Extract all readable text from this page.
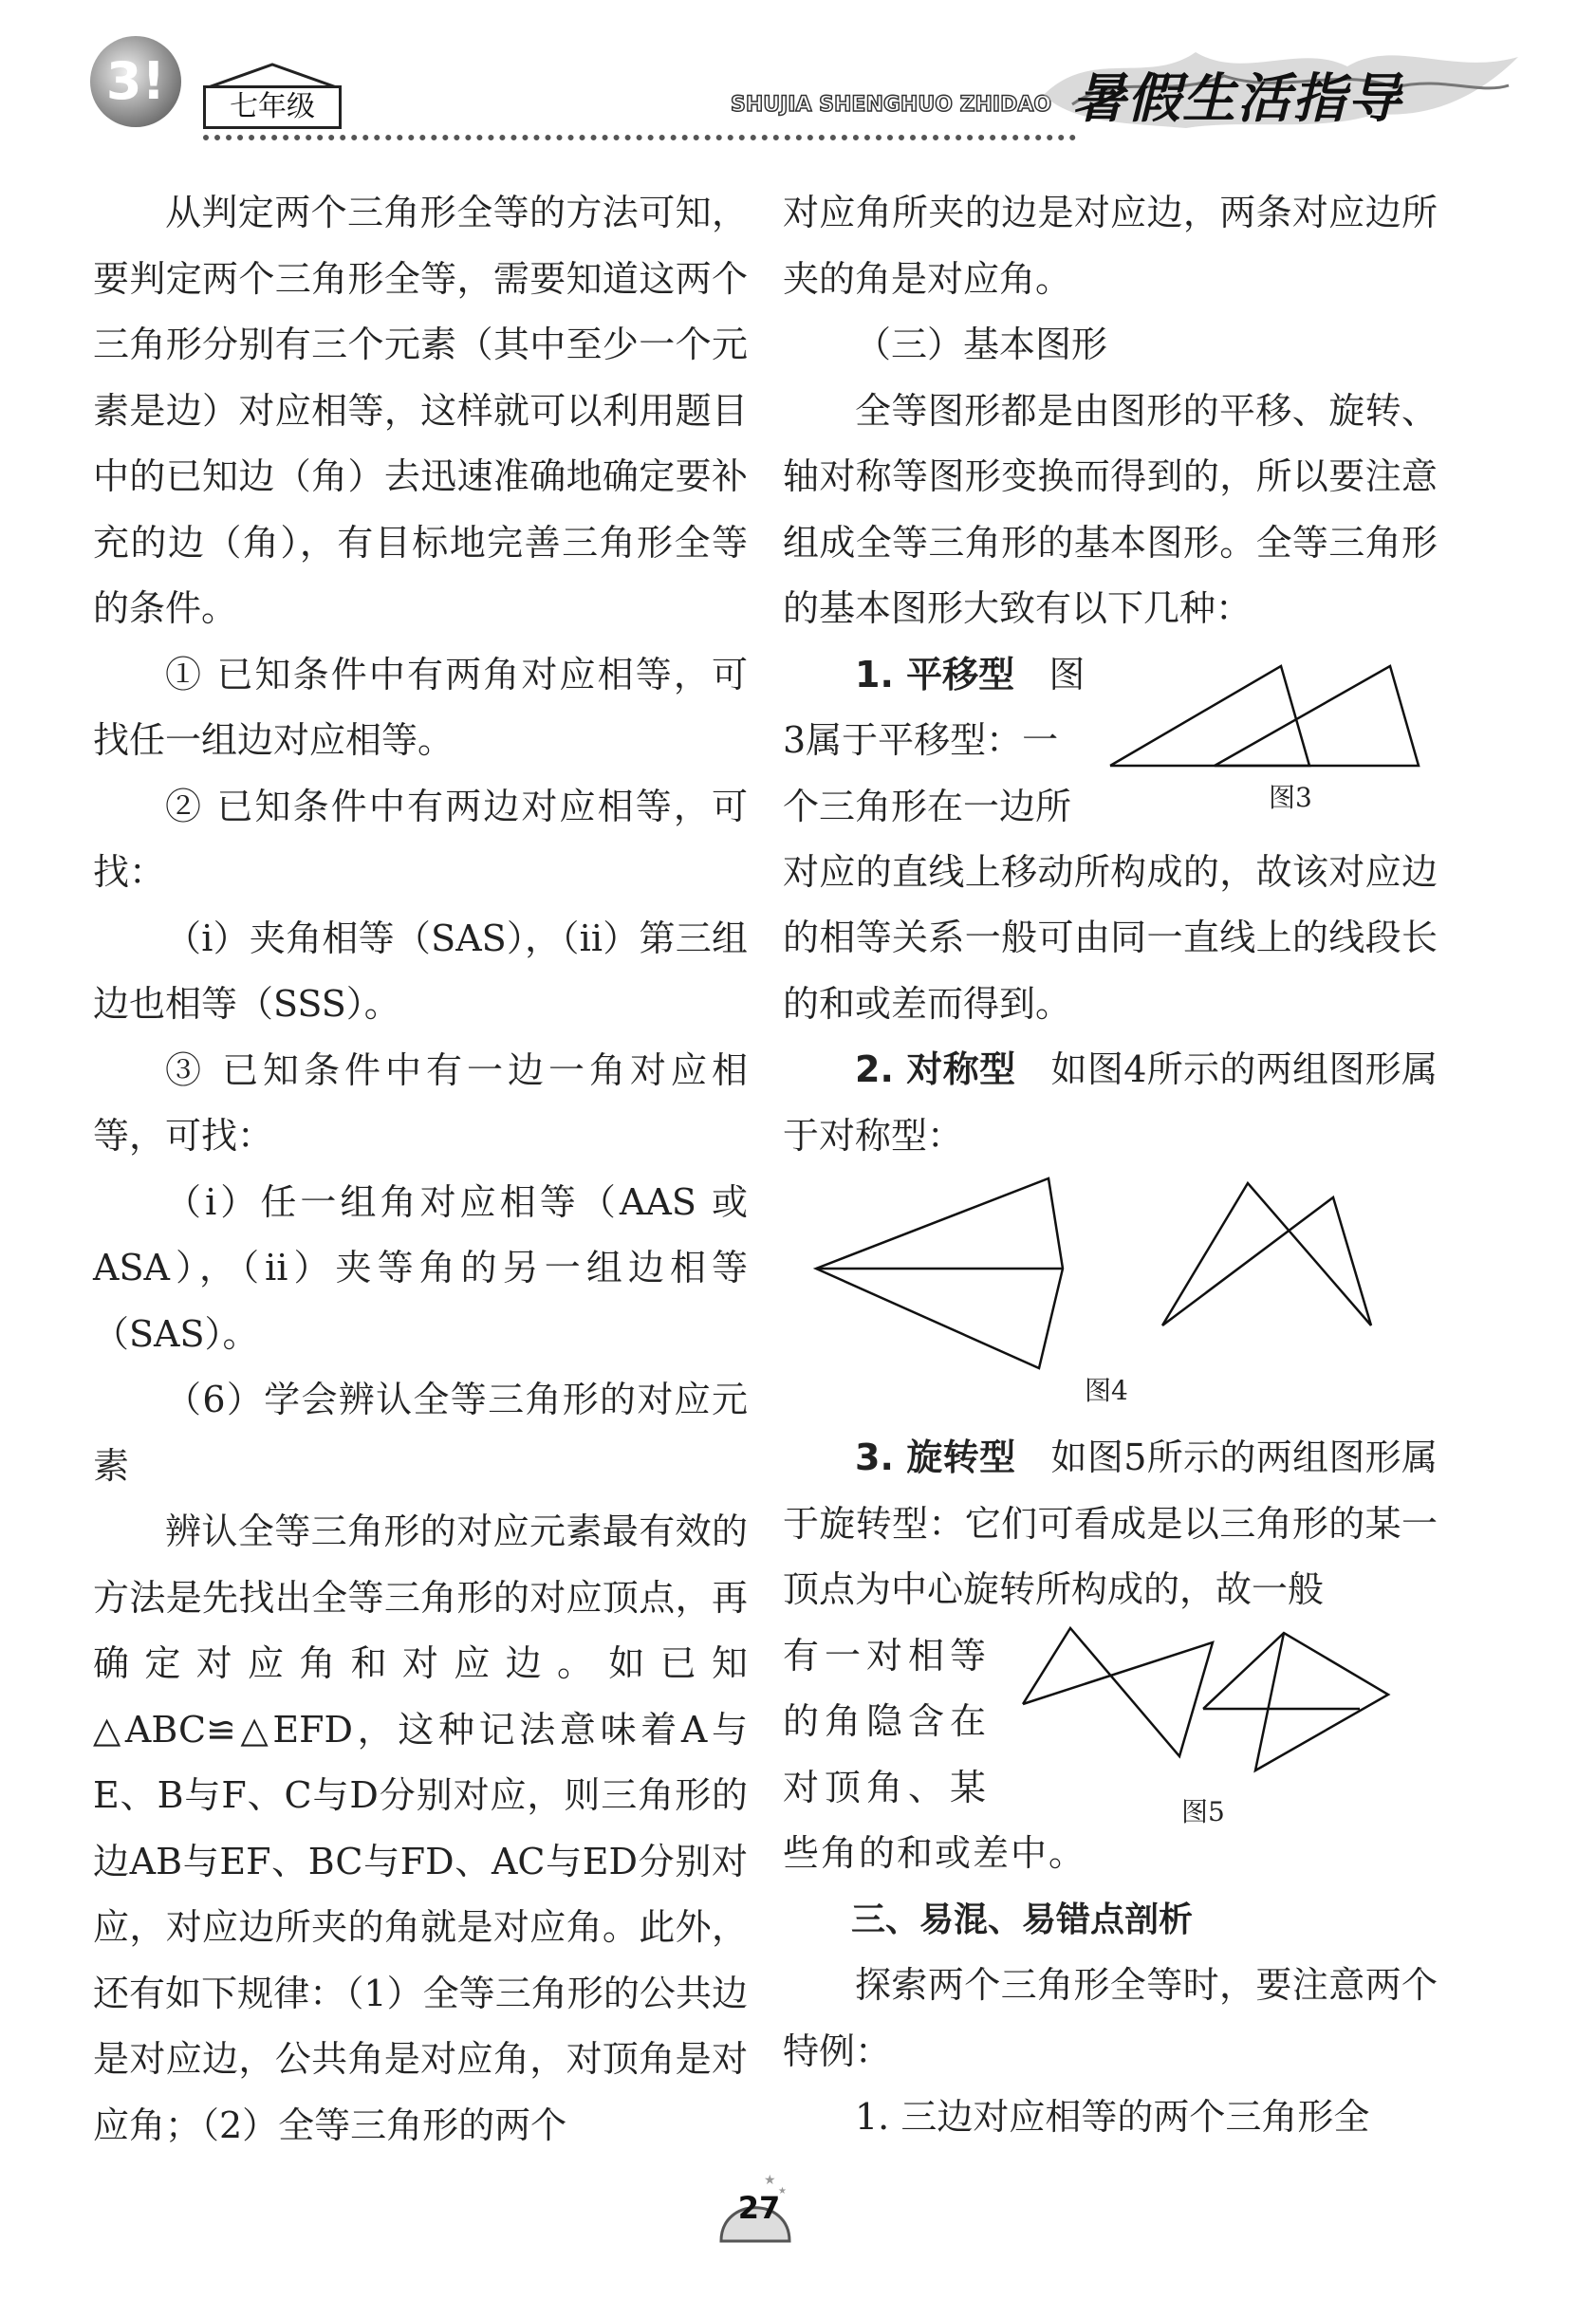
3!	七年级	SHUJIA SHENGHUO ZHIDAO 暑假生活指导

从判定两个三角形全等的方法可知，要判定两个三角形全等，需要知道这两个三角形分别有三个元素（其中至少一个元素是边）对应相等，这样就可以利用题目中的已知边（角）去迅速准确地确定要补充的边（角），有目标地完善三角形全等的条件。

① 已知条件中有两角对应相等，可找任一组边对应相等。

② 已知条件中有两边对应相等，可找：

（i）夹角相等（SAS），（ii）第三组边也相等（SSS）。

③ 已知条件中有一边一角对应相等，可找：

（i）任一组角对应相等（AAS 或 ASA），（ii）夹等角的另一组边相等（SAS）。

（6）学会辨认全等三角形的对应元素

辨认全等三角形的对应元素最有效的方法是先找出全等三角形的对应顶点，再确定对应角和对应边。如已知△ABC≌△EFD，这种记法意味着A与E、B与F、C与D分别对应，则三角形的边AB与EF、BC与FD、AC与ED分别对应，对应边所夹的角就是对应角。此外，还有如下规律：（1）全等三角形的公共边是对应边，公共角是对应角，对顶角是对应角；（2）全等三角形的两个

对应角所夹的边是对应边，两条对应边所夹的角是对应角。

（三）基本图形

全等图形都是由图形的平移、旋转、轴对称等图形变换而得到的，所以要注意组成全等三角形的基本图形。全等三角形的基本图形大致有以下几种：

1. 平移型 图

3属于平移型：一

个三角形在一边所	图3

对应的直线上移动所构成的，故该对应边的相等关系一般可由同一直线上的线段长的和或差而得到。

2. 对称型 如图4所示的两组图形属于对称型：

图4

3. 旋转型 如图5所示的两组图形属于旋转型：它们可看成是以三角形的某一顶点为中心旋转所构成的，故一般

有一对相等

的角隐含在

对顶角、某

图5

些角的和或差中。

三、易混、易错点剖析

探索两个三角形全等时，要注意两个特例：

1. 三边对应相等的两个三角形全

★
★
27
